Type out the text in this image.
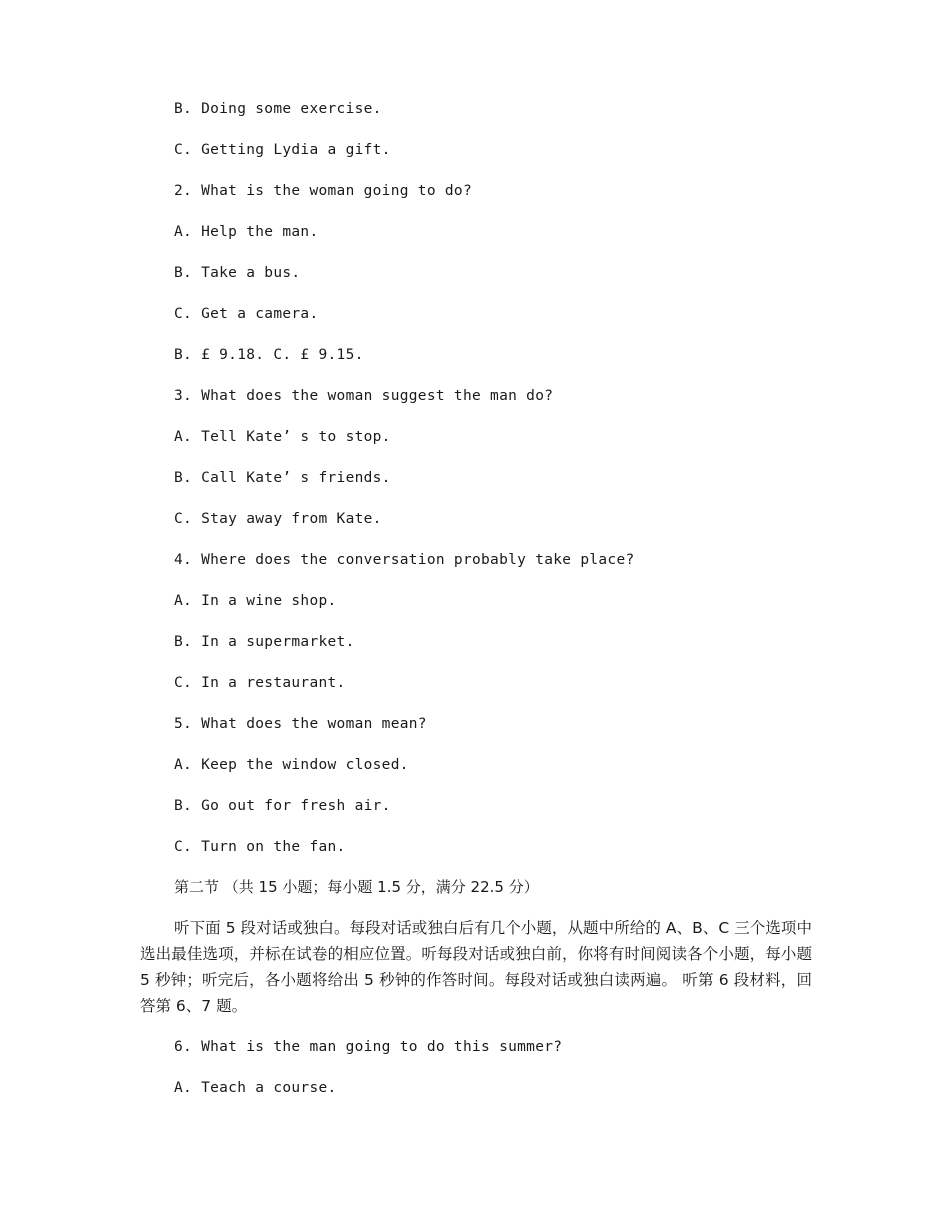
B. Doing some exercise.
C. Getting Lydia a gift.
2. What is the woman going to do?
A. Help the man.
B. Take a bus.
C. Get a camera.
B. £ 9.18. C. £ 9.15.
3. What does the woman suggest the man do?
A. Tell Kate’ s to stop.
B. Call Kate’ s friends.
C. Stay away from Kate.
4. Where does the conversation probably take place?
A. In a wine shop.
B. In a supermarket.
C. In a restaurant.
5. What does the woman mean?
A. Keep the window closed.
B. Go out for fresh air.
C. Turn on the fan.
第二节 （共 15 小题；每小题 1.5 分，满分 22.5 分）
听下面 5 段对话或独白。每段对话或独白后有几个小题，从题中所给的 A、B、C 三个选项中选出最佳选项，并标在试卷的相应位置。听每段对话或独白前，你将有时间阅读各个小题，每小题 5 秒钟；听完后，各小题将给出 5 秒钟的作答时间。每段对话或独白读两遍。 听第 6 段材料，回答第 6、7 题。
6. What is the man going to do this summer?
A. Teach a course.
